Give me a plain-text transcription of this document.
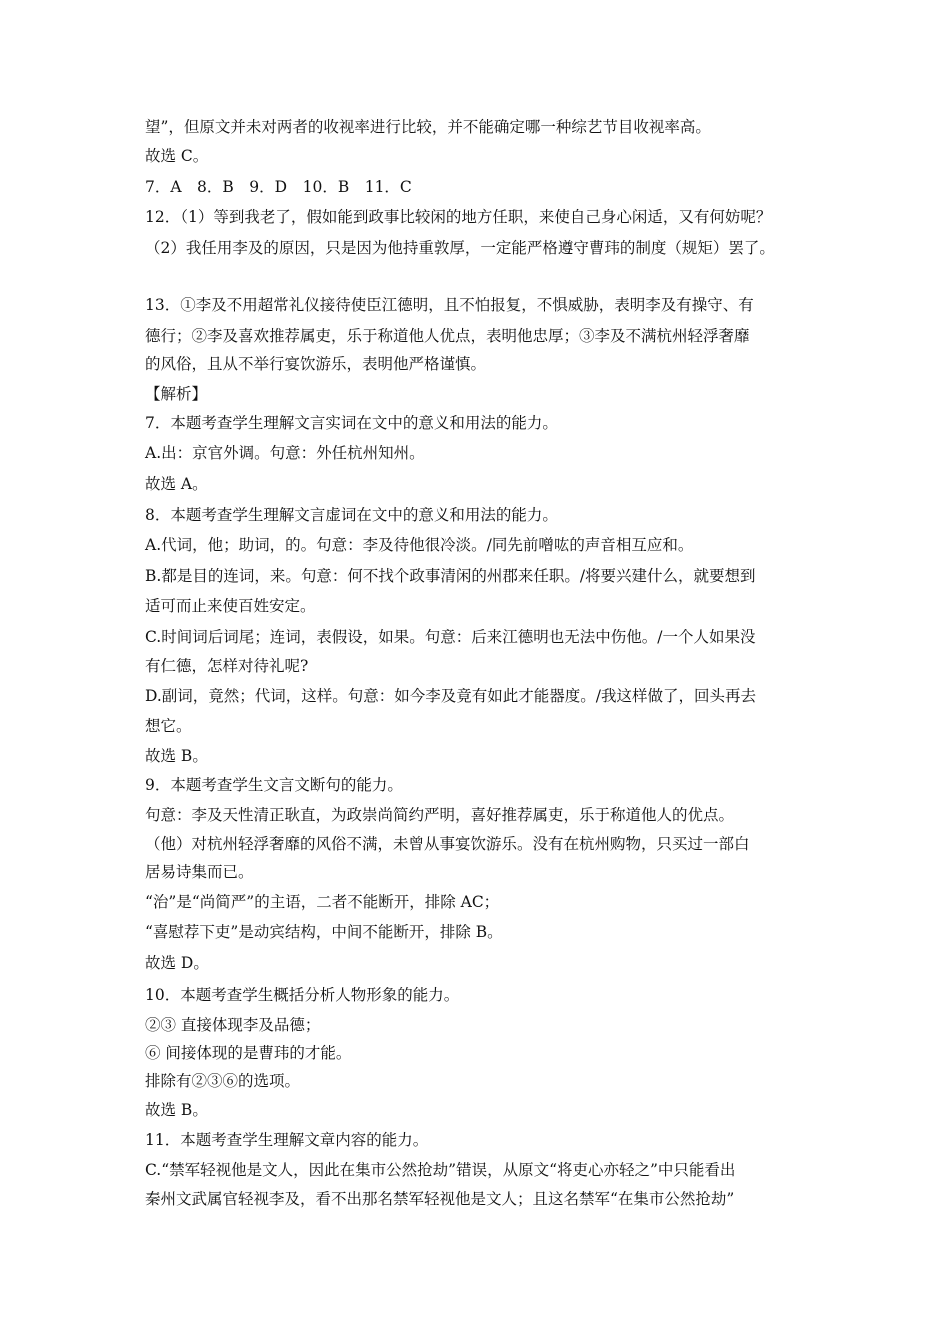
望”，但原文并未对两者的收视率进行比较，并不能确定哪一种综艺节目收视率高。
故选 C。
7．A　8．B　9．D　10．B　11．C
12．（1）等到我老了，假如能到政事比较闲的地方任职，来使自己身心闲适，又有何妨呢？
（2）我任用李及的原因，只是因为他持重敦厚，一定能严格遵守曹玮的制度（规矩）罢了。
13．①李及不用超常礼仪接待使臣江德明，且不怕报复，不惧威胁，表明李及有操守、有
德行；②李及喜欢推荐属吏，乐于称道他人优点，表明他忠厚；③李及不满杭州轻浮奢靡
的风俗，且从不举行宴饮游乐，表明他严格谨慎。
【解析】
7．本题考查学生理解文言实词在文中的意义和用法的能力。
A.出：京官外调。句意：外任杭州知州。
故选 A。
8．本题考查学生理解文言虚词在文中的意义和用法的能力。
A.代词，他；助词，的。句意：李及待他很冷淡。/同先前噌吰的声音相互应和。
B.都是目的连词，来。句意：何不找个政事清闲的州郡来任职。/将要兴建什么，就要想到
适可而止来使百姓安定。
C.时间词后词尾；连词，表假设，如果。句意：后来江德明也无法中伤他。/一个人如果没
有仁德，怎样对待礼呢?
D.副词，竟然；代词，这样。句意：如今李及竟有如此才能器度。/我这样做了，回头再去
想它。
故选 B。
9．本题考查学生文言文断句的能力。
句意：李及天性清正耿直，为政崇尚简约严明，喜好推荐属吏，乐于称道他人的优点。
（他）对杭州轻浮奢靡的风俗不满，未曾从事宴饮游乐。没有在杭州购物，只买过一部白
居易诗集而已。
“治”是“尚简严”的主语，二者不能断开，排除 AC；
“喜慰荐下吏”是动宾结构，中间不能断开，排除 B。
故选 D。
10．本题考查学生概括分析人物形象的能力。
②③ 直接体现李及品德；
⑥ 间接体现的是曹玮的才能。
排除有②③⑥的选项。
故选 B。
11．本题考查学生理解文章内容的能力。
C.“禁军轻视他是文人，因此在集市公然抢劫”错误，从原文“将吏心亦轻之”中只能看出
秦州文武属官轻视李及，看不出那名禁军轻视他是文人；且这名禁军“在集市公然抢劫”
